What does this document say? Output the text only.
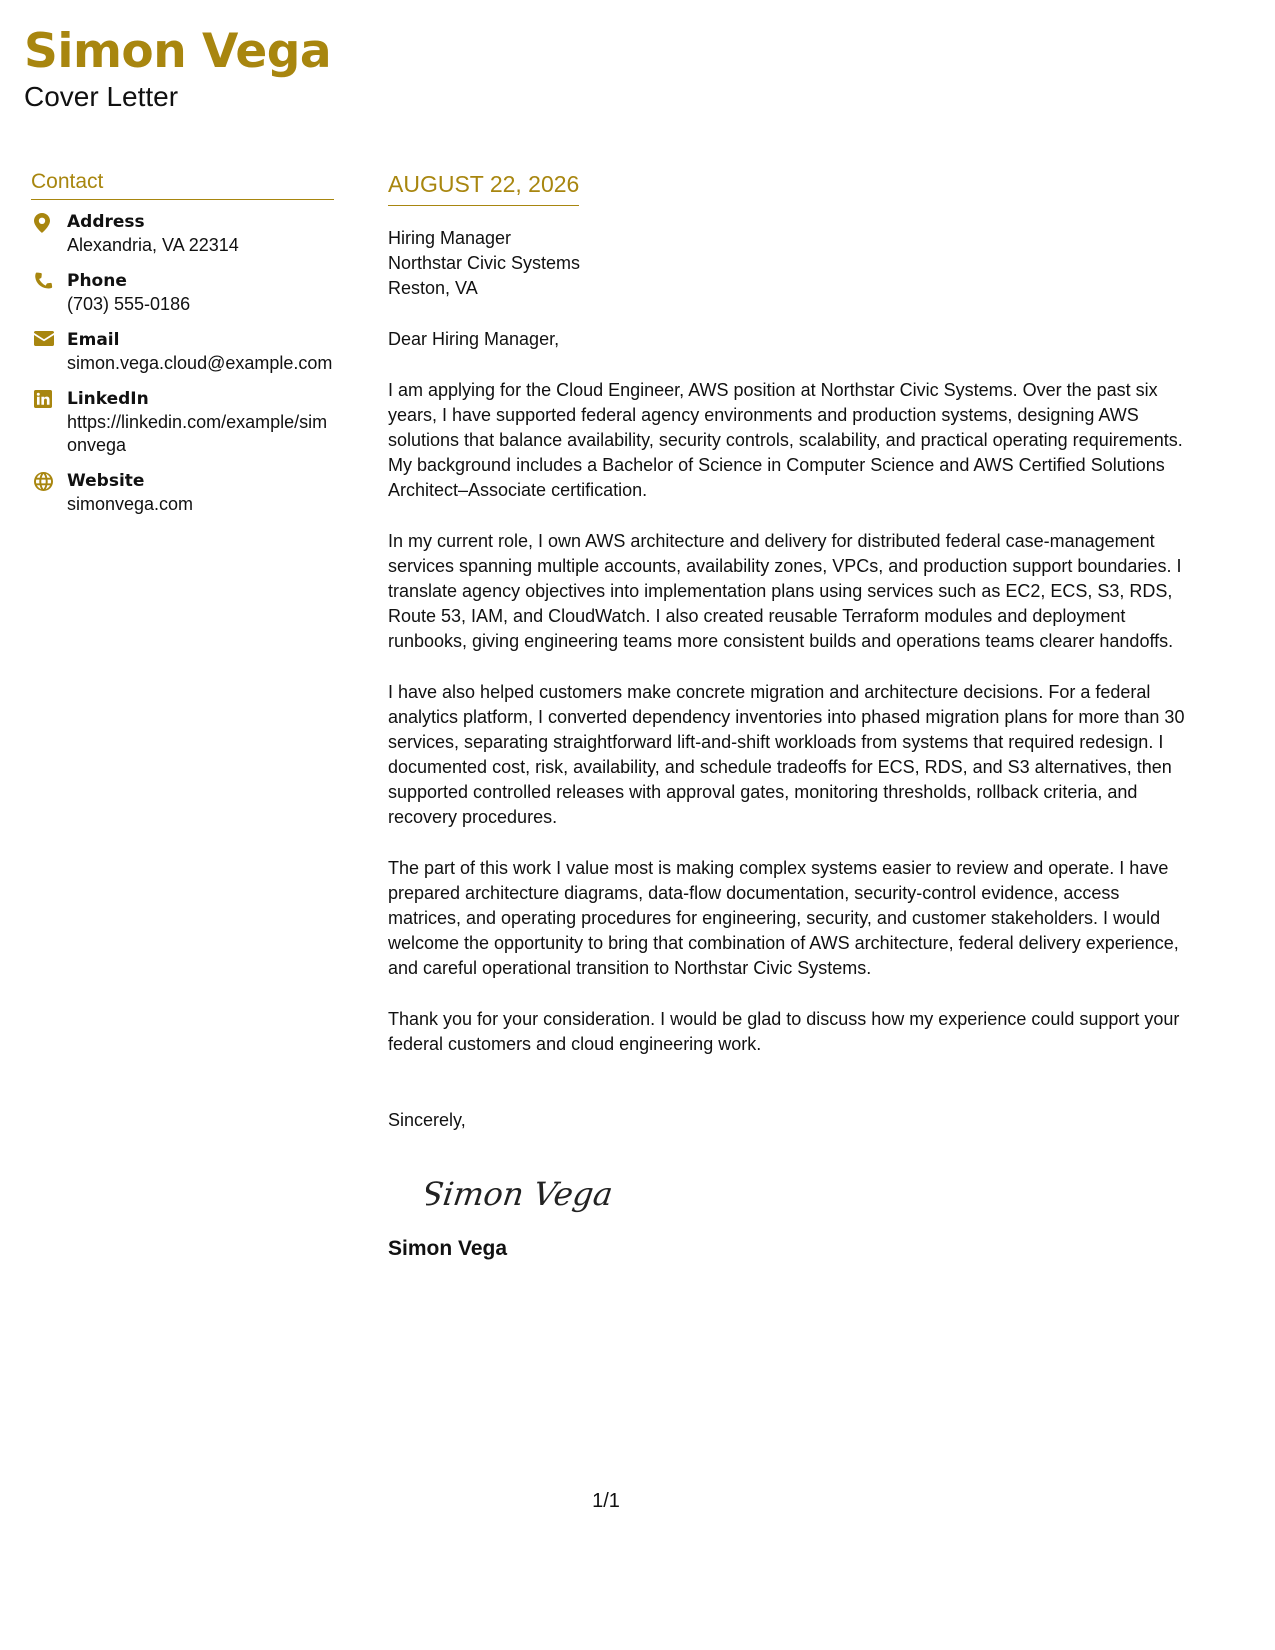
Simon Vega
Cover Letter
Contact
Address
Alexandria, VA 22314
Phone
(703) 555-0186
Email
simon.vega.cloud@example.com
LinkedIn
https://linkedin.com/example/simonvega
Website
simonvega.com
AUGUST 22, 2026
Hiring Manager
Northstar Civic Systems
Reston, VA
Dear Hiring Manager,
I am applying for the Cloud Engineer, AWS position at Northstar Civic Systems. Over the past six years, I have supported federal agency environments and production systems, designing AWS solutions that balance availability, security controls, scalability, and practical operating requirements. My background includes a Bachelor of Science in Computer Science and AWS Certified Solutions Architect–Associate certification.
In my current role, I own AWS architecture and delivery for distributed federal case-management services spanning multiple accounts, availability zones, VPCs, and production support boundaries. I translate agency objectives into implementation plans using services such as EC2, ECS, S3, RDS, Route 53, IAM, and CloudWatch. I also created reusable Terraform modules and deployment runbooks, giving engineering teams more consistent builds and operations teams clearer handoffs.
I have also helped customers make concrete migration and architecture decisions. For a federal analytics platform, I converted dependency inventories into phased migration plans for more than 30 services, separating straightforward lift-and-shift workloads from systems that required redesign. I documented cost, risk, availability, and schedule tradeoffs for ECS, RDS, and S3 alternatives, then supported controlled releases with approval gates, monitoring thresholds, rollback criteria, and recovery procedures.
The part of this work I value most is making complex systems easier to review and operate. I have prepared architecture diagrams, data-flow documentation, security-control evidence, access matrices, and operating procedures for engineering, security, and customer stakeholders. I would welcome the opportunity to bring that combination of AWS architecture, federal delivery experience, and careful operational transition to Northstar Civic Systems.
Thank you for your consideration. I would be glad to discuss how my experience could support your federal customers and cloud engineering work.
Sincerely,
Simon Vega
Simon Vega
1/1
